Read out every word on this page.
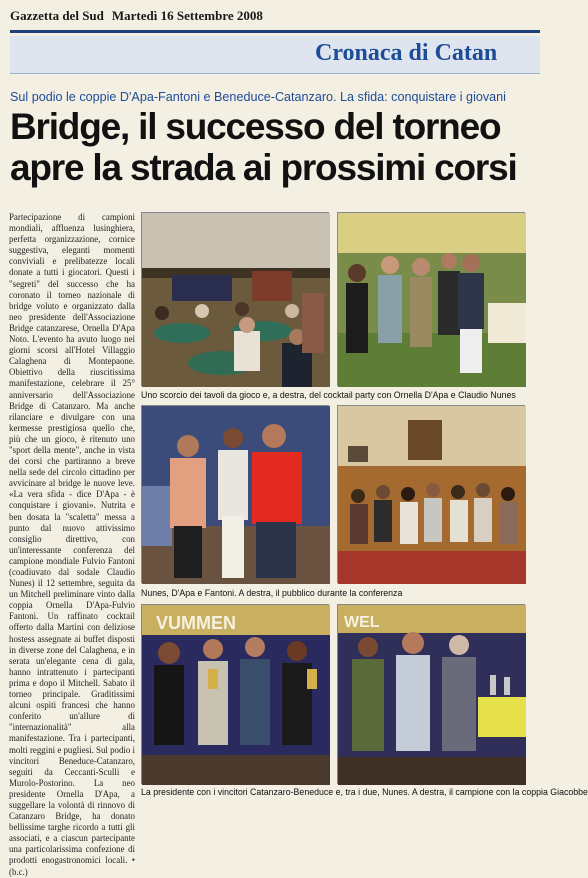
Gazzetta del Sud Martedì 16 Settembre 2008
Cronaca di Catan
Sul podio le coppie D'Apa-Fantoni e Beneduce-Catanzaro. La sfida: conquistare i giovani
Bridge, il successo del torneo
apre la strada ai prossimi corsi

Partecipazione di campioni mondiali, affluenza lusinghiera, perfetta organizzazione, cornice suggestiva, eleganti momenti conviviali e prelibatezze locali donate a tutti i giocatori. Questi i "segreti" del successo che ha coronato il torneo nazionale di bridge voluto e organizzato dalla neo presidente dell'Associazione Bridge catanzarese, Ornella D'Apa Noto. L'evento ha avuto luogo nei giorni scorsi all'Hotel Villaggio Calaghena di Montepaone. Obiettivo della riuscitissima manifestazione, celebrare il 25° anniversario dell'Associazione Bridge di Catanzaro. Ma anche rilanciare e divulgare con una kermesse prestigiosa quello che, più che un gioco, è ritenuto uno "sport della mente", anche in vista dei corsi che partiranno a breve nella sede del circolo cittadino per avvicinare al bridge le nuove leve. «La vera sfida - dice D'Apa - è conquistare i giovani». Nutrita e ben dosata la "scaletta" messa a punto dal nuovo attivissimo consiglio direttivo, con un'interessante conferenza del campione mondiale Fulvio Fantoni (coadiuvato dal sodale Claudio Nunes) il 12 settembre, seguita da un Mitchell preliminare vinto dalla coppia Ornella D'Apa-Fulvio Fantoni. Un raffinato cocktail offerto dalla Martini con deliziose hostess assegnate ai buffet disposti in diverse zone del Calaghena, e in serata un'elegante cena di gala, hanno intrattenuto i partecipanti prima e dopo il Mitchell. Sabato il torneo principale. Graditissimi alcuni ospiti francesi che hanno conferito un'allure di "internazionalità" alla manifestazione. Tra i partecipanti, molti reggini e pugliesi. Sul podio i vincitori Beneduce-Catanzaro, seguiti da Ceccanti-Sculli e Murolo-Postorino. La neo presidente Ornella D'Apa, a suggellare la volontà di rinnovo di Catanzaro Bridge, ha donato bellissime targhe ricordo a tutti gli associati, e a ciascun partecipante una particolarissima confezione di prodotti enogastronomici locali. • (b.c.)

Uno scorcio dei tavoli da gioco e, a destra, del cocktail party con Ornella D'Apa e Claudio Nunes
Nunes, D'Apa e Fantoni. A destra, il pubblico durante la conferenza
VUMMEN	WEL
La presidente con i vincitori Catanzaro-Beneduce e, tra i due, Nunes. A destra, il campione con la coppia Giacobbe
